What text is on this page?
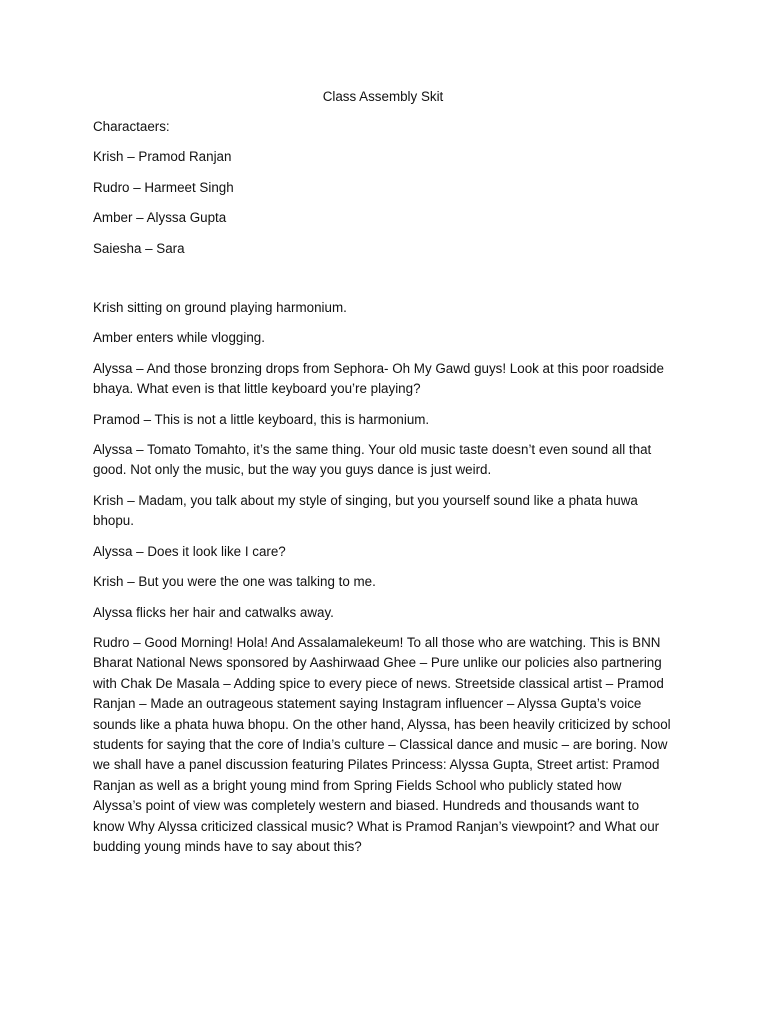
Class Assembly Skit
Charactaers:
Krish – Pramod Ranjan
Rudro – Harmeet Singh
Amber – Alyssa Gupta
Saiesha – Sara
Krish sitting on ground playing harmonium.
Amber enters while vlogging.
Alyssa – And those bronzing drops from Sephora- Oh My Gawd guys! Look at this poor roadside bhaya. What even is that little keyboard you’re playing?
Pramod – This is not a little keyboard, this is harmonium.
Alyssa – Tomato Tomahto, it’s the same thing. Your old music taste doesn’t even sound all that good. Not only the music, but the way you guys dance is just weird.
Krish – Madam, you talk about my style of singing, but you yourself sound like a phata huwa bhopu.
Alyssa – Does it look like I care?
Krish – But you were the one was talking to me.
Alyssa flicks her hair and catwalks away.
Rudro – Good Morning! Hola! And Assalamalekeum! To all those who are watching. This is BNN Bharat National News sponsored by Aashirwaad Ghee – Pure unlike our policies also partnering with Chak De Masala – Adding spice to every piece of news. Streetside classical artist – Pramod Ranjan – Made an outrageous statement saying Instagram influencer – Alyssa Gupta’s voice sounds like a phata huwa bhopu. On the other hand, Alyssa, has been heavily criticized by school students for saying that the core of India’s culture – Classical dance and music – are boring. Now we shall have a panel discussion featuring Pilates Princess: Alyssa Gupta, Street artist: Pramod Ranjan as well as a bright young mind from Spring Fields School who publicly stated how Alyssa’s point of view was completely western and biased. Hundreds and thousands want to know Why Alyssa criticized classical music? What is Pramod Ranjan’s viewpoint? and What our budding young minds have to say about this?
